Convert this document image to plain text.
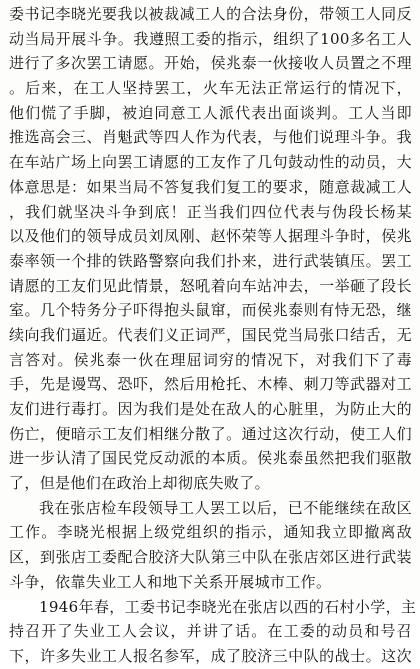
委书记李晓光要我以被裁减工人的合法身份，带领工人同反
动当局开展斗争。我遵照工委的指示，组织了100多名工人
进行了多次罢工请愿。开始，侯兆泰一伙接收人员置之不理
。后来，在工人坚持罢工，火车无法正常运行的情况下，
他们慌了手脚，被迫同意工人派代表出面谈判。工人当即
推选高会三、肖魁武等四人作为代表，与他们说理斗争。我
在车站广场上向罢工请愿的工友作了几句鼓动性的动员，大
体意思是：如果当局不答复我们复工的要求，随意裁减工人
，我们就坚决斗争到底！正当我们四位代表与伪段长杨某
以及他们的领导成员刘凤刚、赵怀荣等人据理斗争时，侯兆
泰率领一个排的铁路警察向我们扑来，进行武装镇压。罢工
请愿的工友们见此情景，怒吼着向车站冲去，一举砸了段长
室。几个特务分子吓得抱头鼠窜，而侯兆泰则有恃无恐，继
续向我们逼近。代表们义正词严，国民党当局张口结舌，无
言答对。侯兆泰一伙在理屈词穷的情况下，对我们下了毒
手，先是谩骂、恐吓，然后用枪托、木棒、刺刀等武器对工
友们进行毒打。因为我们是处在敌人的心脏里，为防止大的
伤亡，便暗示工友们相继分散了。通过这次行动，使工人们
进一步认清了国民党反动派的本质。侯兆泰虽然把我们驱散
了，但是他们在政治上却彻底失败了。
我在张店检车段领导工人罢工以后，已不能继续在敌区
工作。李晓光根据上级党组织的指示，通知我立即撤离敌
区，到张店工委配合胶济大队第三中队在张店郊区进行武装
斗争，依靠失业工人和地下关系开展城市工作。
1946年春，工委书记李晓光在张店以西的石村小学，主
持召开了失业工人会议，并讲了话。在工委的动员和号召
下，许多失业工人报名参军，成了胶济三中队的战士。这次
